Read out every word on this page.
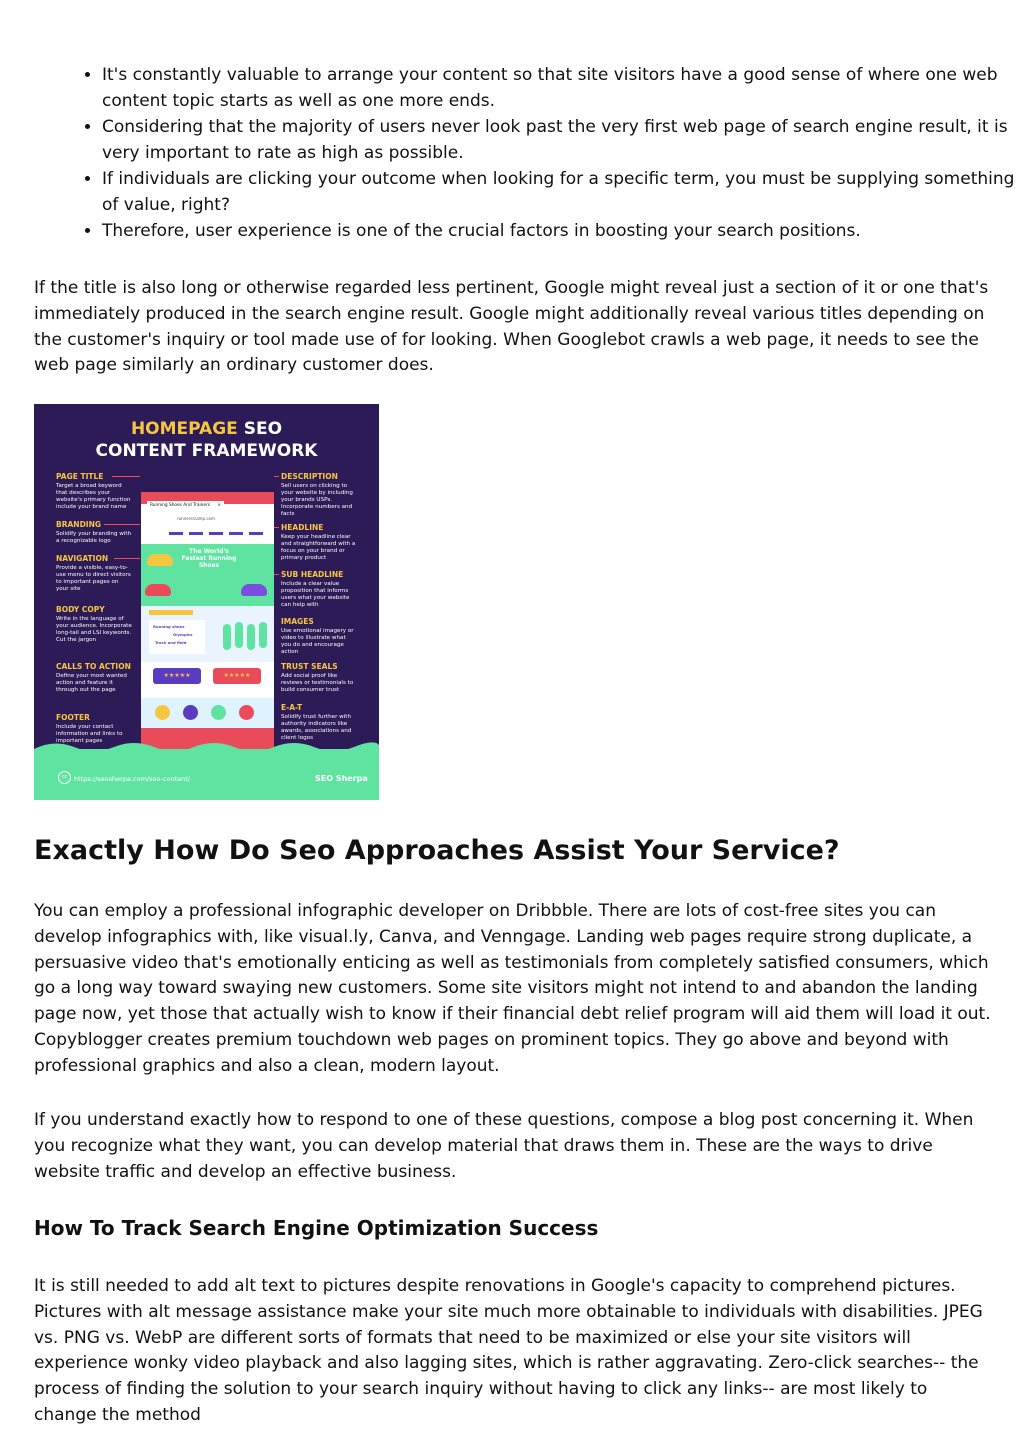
• It's constantly valuable to arrange your content so that site visitors have a good sense of where one web content topic starts as well as one more ends.
• Considering that the majority of users never look past the very first web page of search engine result, it is very important to rate as high as possible.
• If individuals are clicking your outcome when looking for a specific term, you must be supplying something of value, right?
• Therefore, user experience is one of the crucial factors in boosting your search positions.

If the title is also long or otherwise regarded less pertinent, Google might reveal just a section of it or one that's immediately produced in the search engine result. Google might additionally reveal various titles depending on the customer's inquiry or tool made use of for looking. When Googlebot crawls a web page, it needs to see the web page similarly an ordinary customer does.

HOMEPAGE SEO
CONTENT FRAMEWORK
PAGE TITLE
Target a broad keyword that describes your website's primary function include your brand name
BRANDING
Solidify your branding with a recognizable logo
NAVIGATION
Provide a visible, easy-to-use menu to direct visitors to important pages on your site
BODY COPY
Write in the language of your audience. Incorporate long-tail and LSI keywords. Cut the jargon
CALLS TO ACTION
Define your most wanted action and feature it through out the page
FOOTER
Include your contact information and links to important pages
DESCRIPTION
Sell users on clicking to your website by including your brands USPs. Incorporate numbers and facts
HEADLINE
Keep your headline clear and straightforward with a focus on your brand or primary product
SUB HEADLINE
Include a clear value proposition that informs users what your website can help with
IMAGES
Use emotional imagery or video to illustrate what you do and encourage action
TRUST SEALS
Add social proof like reviews or testimonials to build consumer trust
E-A-T
Solidify trust further with authority indicators like awards, associations and client logos
Running Shoes And Trainers ×
runnersrcamp.com
The World's Fastest Running Shoes
Running shoes
Olympics
Track and field
★★★★★	★★★★★
cc	https://seosherpa.com/seo-content/	SEO Sherpa
Exactly How Do Seo Approaches Assist Your Service?

You can employ a professional infographic developer on Dribbble. There are lots of cost-free sites you can develop infographics with, like visual.ly, Canva, and Venngage. Landing web pages require strong duplicate, a persuasive video that's emotionally enticing as well as testimonials from completely satisfied consumers, which go a long way toward swaying new customers. Some site visitors might not intend to and abandon the landing page now, yet those that actually wish to know if their financial debt relief program will aid them will load it out. Copyblogger creates premium touchdown web pages on prominent topics. They go above and beyond with professional graphics and also a clean, modern layout.

If you understand exactly how to respond to one of these questions, compose a blog post concerning it. When you recognize what they want, you can develop material that draws them in. These are the ways to drive website traffic and develop an effective business.

How To Track Search Engine Optimization Success

It is still needed to add alt text to pictures despite renovations in Google's capacity to comprehend pictures. Pictures with alt message assistance make your site much more obtainable to individuals with disabilities. JPEG vs. PNG vs. WebP are different sorts of formats that need to be maximized or else your site visitors will experience wonky video playback and also lagging sites, which is rather aggravating. Zero-click searches-- the process of finding the solution to your search inquiry without having to click any links-- are most likely to change the method
